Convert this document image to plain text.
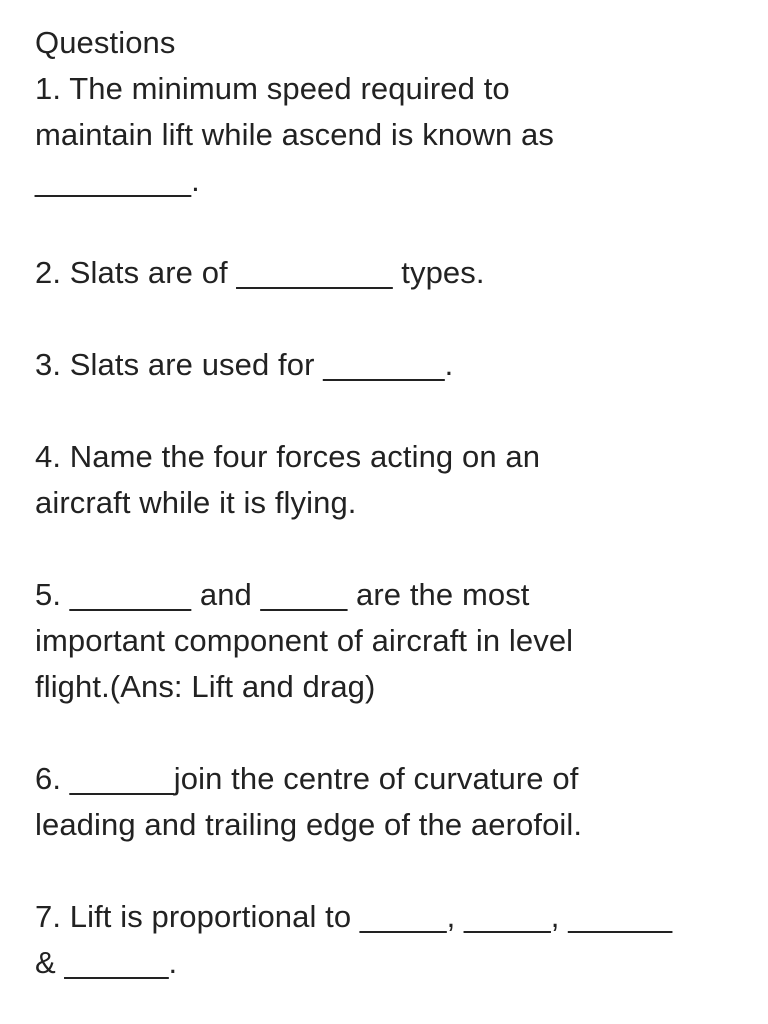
Questions
1. The minimum speed required to
maintain lift while ascend is known as
_________.
2. Slats are of _________ types.
3. Slats are used for _______.
4. Name the four forces acting on an
aircraft while it is flying.
5. _______ and _____ are the most
important component of aircraft in level
flight.(Ans: Lift and drag)
6. ______join the centre of curvature of
leading and trailing edge of the aerofoil.
7. Lift is proportional to _____, _____, ______
& ______.
